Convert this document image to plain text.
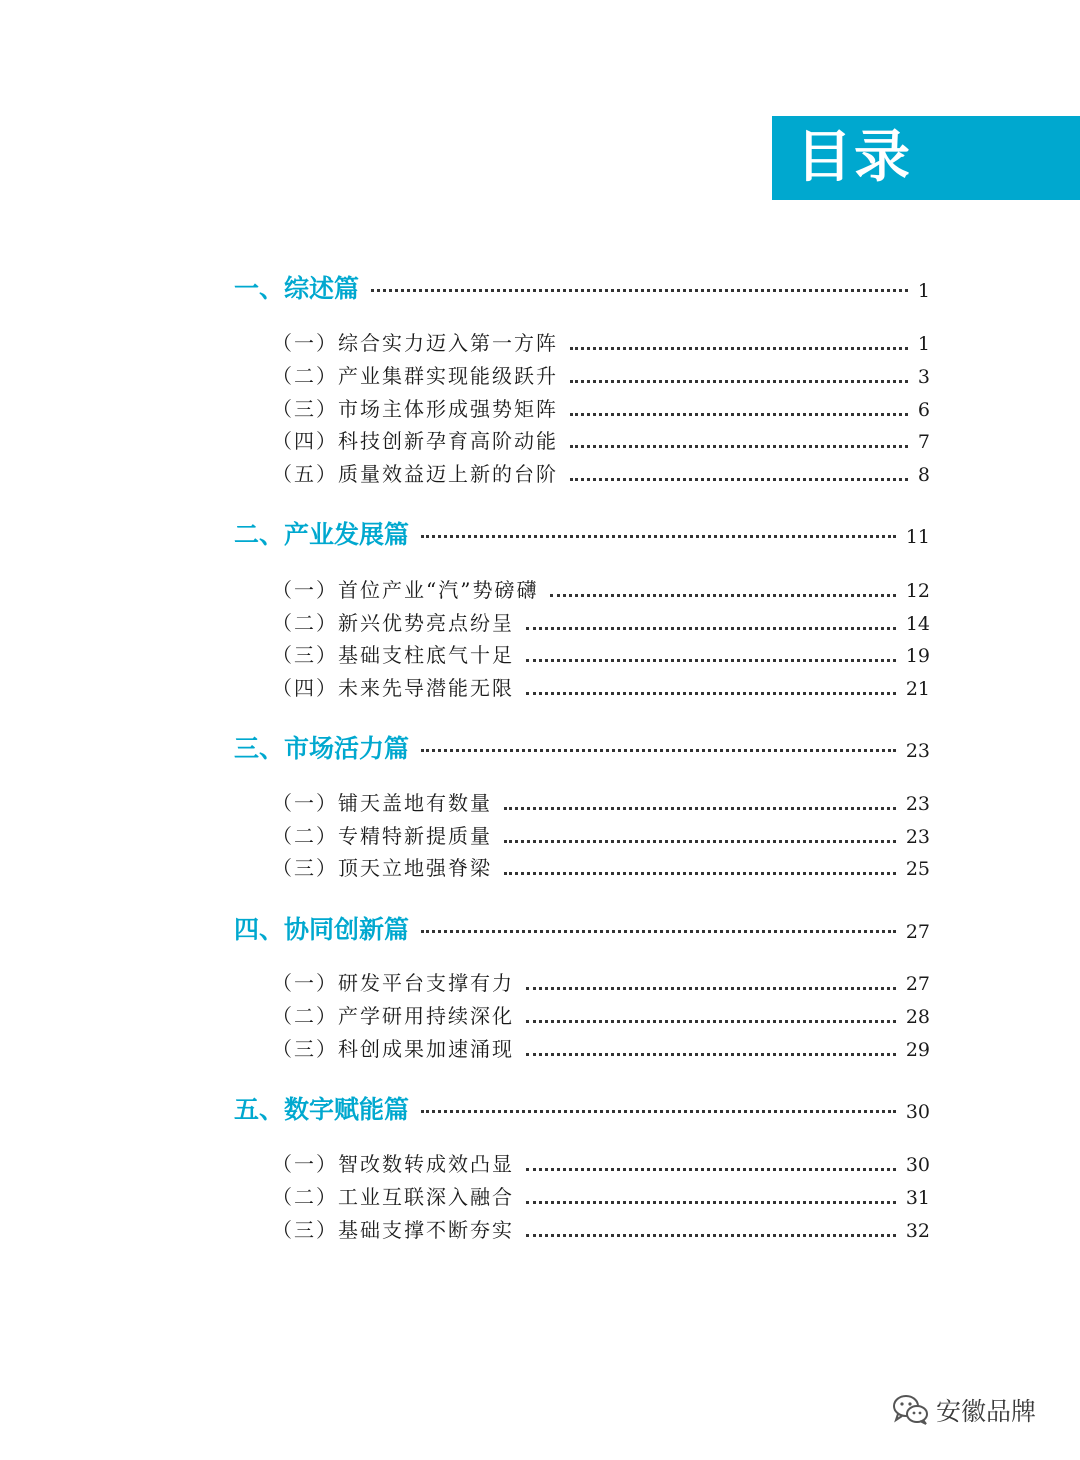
目录
一、综述篇	1
（一）综合实力迈入第一方阵	1
（二）产业集群实现能级跃升	3
（三）市场主体形成强势矩阵	6
（四）科技创新孕育高阶动能	7
（五）质量效益迈上新的台阶	8
二、产业发展篇	11
（一）首位产业“汽”势磅礴	12
（二）新兴优势亮点纷呈	14
（三）基础支柱底气十足	19
（四）未来先导潜能无限	21
三、市场活力篇	23
（一）铺天盖地有数量	23
（二）专精特新提质量	23
（三）顶天立地强脊梁	25
四、协同创新篇	27
（一）研发平台支撑有力	27
（二）产学研用持续深化	28
（三）科创成果加速涌现	29
五、数字赋能篇	30
（一）智改数转成效凸显	30
（二）工业互联深入融合	31
（三）基础支撑不断夯实	32
安徽品牌
